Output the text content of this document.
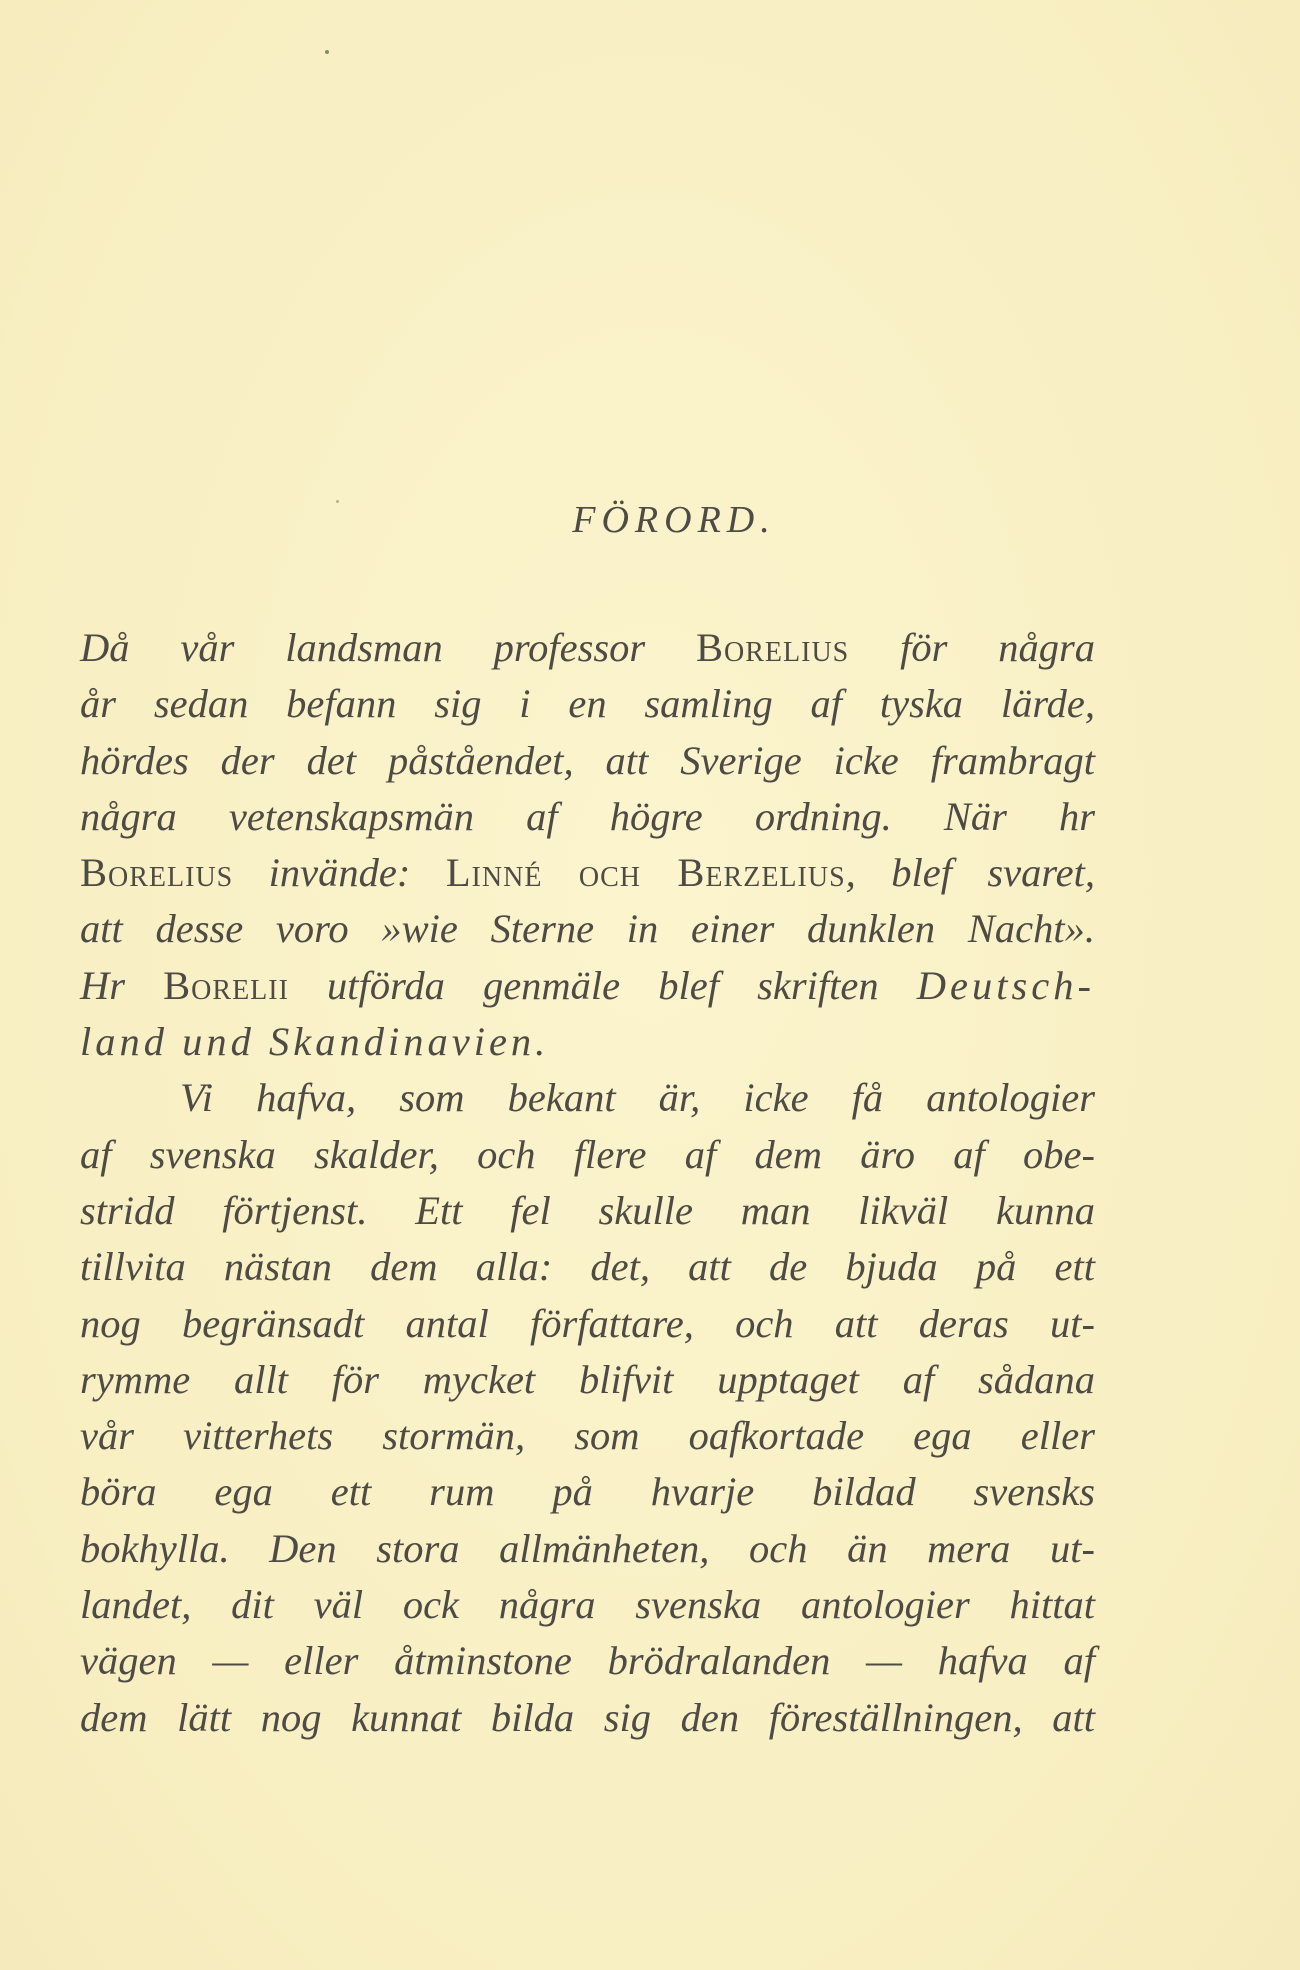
FÖRORD.
Då vår landsman professor Borelius för några
år sedan befann sig i en samling af tyska lärde,
hördes der det påståendet, att Sverige icke frambragt
några vetenskapsmän af högre ordning. När hr
Borelius invände: Linné och Berzelius, blef svaret,
att desse voro »wie Sterne in einer dunklen Nacht».
Hr Borelii utförda genmäle blef skriften Deutsch-
land und Skandinavien.
Vi hafva, som bekant är, icke få antologier
af svenska skalder, och flere af dem äro af obe-
stridd förtjenst. Ett fel skulle man likväl kunna
tillvita nästan dem alla: det, att de bjuda på ett
nog begränsadt antal författare, och att deras ut-
rymme allt för mycket blifvit upptaget af sådana
vår vitterhets stormän, som oafkortade ega eller
böra ega ett rum på hvarje bildad svensks
bokhylla. Den stora allmänheten, och än mera ut-
landet, dit väl ock några svenska antologier hittat
vägen — eller åtminstone brödralanden — hafva af
dem lätt nog kunnat bilda sig den föreställningen, att
